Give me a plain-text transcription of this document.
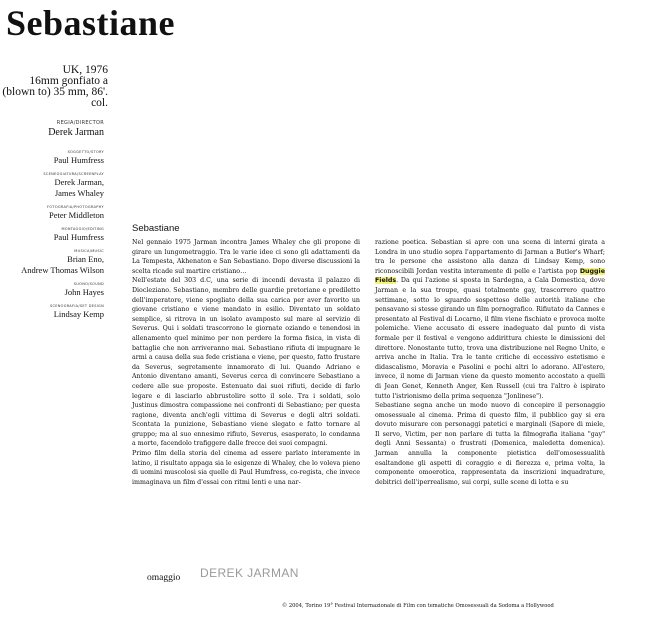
Sebastiane
UK, 1976
16mm gonfiato a
(blown to) 35 mm, 86'.
col.
REGIA/DIRECTOR
Derek Jarman
SOGGETTO/STORY
Paul Humfress
SCENEGGIATURA/SCREENPLAY
Derek Jarman,
James Whaley
FOTOGRAFIA/PHOTOGRAPHY
Peter Middleton
MONTAGGIO/EDITING
Paul Humfress
MUSICA/MUSIC
Brian Eno,
Andrew Thomas Wilson
SUONO/SOUND
John Hayes
SCENOGRAFIA/SET DESIGN
Lindsay Kemp
Sebastiane

Nel gennaio 1975 Jarman incontra James Whaley che gli propone di girare un lungometraggio. Tra le varie idee ci sono gli adattamenti da La Tempesta, Akhenaton e San Sebastiano. Dopo diverse discussioni la scelta ricade sul martire cristiano…

Nell'estate del 303 d.C, una serie di incendi devasta il palazzo di Diocleziano. Sebastiano, membro delle guardie pretoriane e prediletto dell'imperatore, viene spogliato della sua carica per aver favorito un giovane cristiano e viene mandato in esilio. Diventato un soldato semplice, si ritrova in un isolato avamposto sul mare al servizio di Severus. Qui i soldati trascorrono le giornate oziando e tenendosi in allenamento quel minimo per non perdere la forma fisica, in vista di battaglie che non arriveranno mai. Sebastiano rifiuta di impugnare le armi a causa della sua fede cristiana e viene, per questo, fatto frustare da Severus, segretamente innamorato di lui. Quando Adriano e Antonio diventano amanti, Severus cerca di convincere Sebastiano a cedere alle sue proposte. Estenuato dai suoi rifiuti, decide di farlo legare e di lasciarlo abbrustolire sotto il sole. Tra i soldati, solo Justinus dimostra compassione nei confronti di Sebastiano; per questa ragione, diventa anch'egli vittima di Severus e degli altri soldati. Scontata la punizione, Sebastiano viene slegato e fatto tornare al gruppo; ma al suo ennesimo rifiuto, Severus, esasperato, lo condanna a morte, facendolo trafiggere dalle frecce dei suoi compagni.

Primo film della storia del cinema ad essere parlato interamente in latino, il risultato appaga sia le esigenze di Whaley, che lo voleva pieno di uomini muscolosi sia quelle di Paul Humfress, co-regista, che invece immaginava un film d'essai con ritmi lenti e una nar-

razione poetica. Sebastian si apre con una scena di interni girata a Londra in uno studio sopra l'appartamento di Jarman a Butler's Wharf; tra le persone che assistono alla danza di Lindsay Kemp, sono riconoscibili Jordan vestita interamente di pelle e l'artista pop Duggie Fields. Da qui l'azione si sposta in Sardegna, a Cala Domestica, dove Jarman e la sua troupe, quasi totalmente gay, trascorrero quattro settimane, sotto lo sguardo sospettoso delle autorità italiane che pensavano si stesse girando un film pornografico. Rifiutato da Cannes e presentato al Festival di Locarno, il film viene fischiato e provoca molte polemiche. Viene accusato di essere inadeguato dal punto di vista formale per il festival e vengono addirittura chieste le dimissioni del direttore. Nonostante tutto, trova una distribuzione nel Regno Unito, e arriva anche in Italia. Tra le tante critiche di eccessivo estetismo e didascalismo, Moravia e Pasolini e pochi altri lo adorano. All'estero, invece, il nome di Jarman viene da questo momento accostato a quelli di Jean Genet, Kenneth Anger, Ken Russell (cui tra l'altro è ispirato tutto l'istrionismo della prima sequenza "Jonlinese").

Sebastiane segna anche un modo nuovo di concepire il personaggio omosessuale al cinema. Prima di questo film, il pubblico gay si era dovuto misurare con personaggi patetici e marginali (Sapore di miele, Il servo, Victim, per non parlare di tutta la filmografia italiana "gay" degli Anni Sessanta) o frustrati (Domenica, maledetta domenica). Jarman annulla la componente pietistica dell'omosessualità esaltandone gli aspetti di coraggio e di fierezza e, prima volta, la componente omoerotica, rappresentata da inscrizioni inquadrature, debitrici dell'iperrealismo, sui corpi, sulle scene di lotta e su

omaggio DEREK JARMAN
© 2004, Torino 19° Festival Internazionale di Film con tematiche Omosessuali da Sodoma a Hollywood
